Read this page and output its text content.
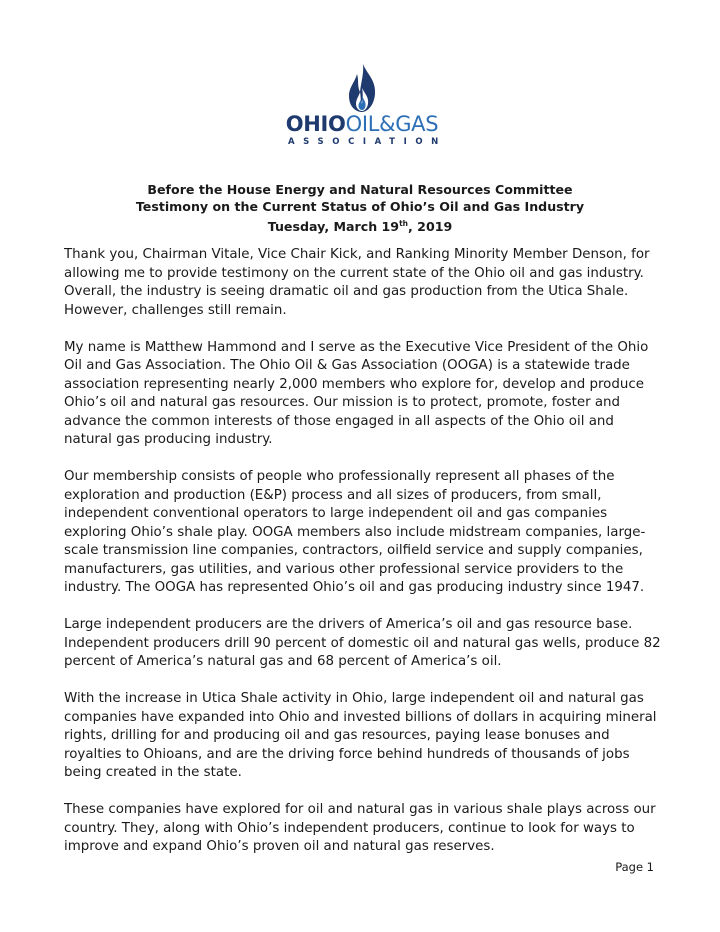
OHIOOIL&GAS
ASSOCIATION
Before the House Energy and Natural Resources Committee
Testimony on the Current Status of Ohio’s Oil and Gas Industry
Tuesday, March 19th, 2019

Thank you, Chairman Vitale, Vice Chair Kick, and Ranking Minority Member Denson, for allowing me to provide testimony on the current state of the Ohio oil and gas industry. Overall, the industry is seeing dramatic oil and gas production from the Utica Shale. However, challenges still remain.

My name is Matthew Hammond and I serve as the Executive Vice President of the Ohio Oil and Gas Association. The Ohio Oil & Gas Association (OOGA) is a statewide trade association representing nearly 2,000 members who explore for, develop and produce Ohio’s oil and natural gas resources. Our mission is to protect, promote, foster and advance the common interests of those engaged in all aspects of the Ohio oil and natural gas producing industry.

Our membership consists of people who professionally represent all phases of the exploration and production (E&P) process and all sizes of producers, from small, independent conventional operators to large independent oil and gas companies exploring Ohio’s shale play. OOGA members also include midstream companies, large-scale transmission line companies, contractors, oilfield service and supply companies, manufacturers, gas utilities, and various other professional service providers to the industry. The OOGA has represented Ohio’s oil and gas producing industry since 1947.

Large independent producers are the drivers of America’s oil and gas resource base. Independent producers drill 90 percent of domestic oil and natural gas wells, produce 82 percent of America’s natural gas and 68 percent of America’s oil.

With the increase in Utica Shale activity in Ohio, large independent oil and natural gas companies have expanded into Ohio and invested billions of dollars in acquiring mineral rights, drilling for and producing oil and gas resources, paying lease bonuses and royalties to Ohioans, and are the driving force behind hundreds of thousands of jobs being created in the state.

These companies have explored for oil and natural gas in various shale plays across our country. They, along with Ohio’s independent producers, continue to look for ways to improve and expand Ohio’s proven oil and natural gas reserves.

Page 1
